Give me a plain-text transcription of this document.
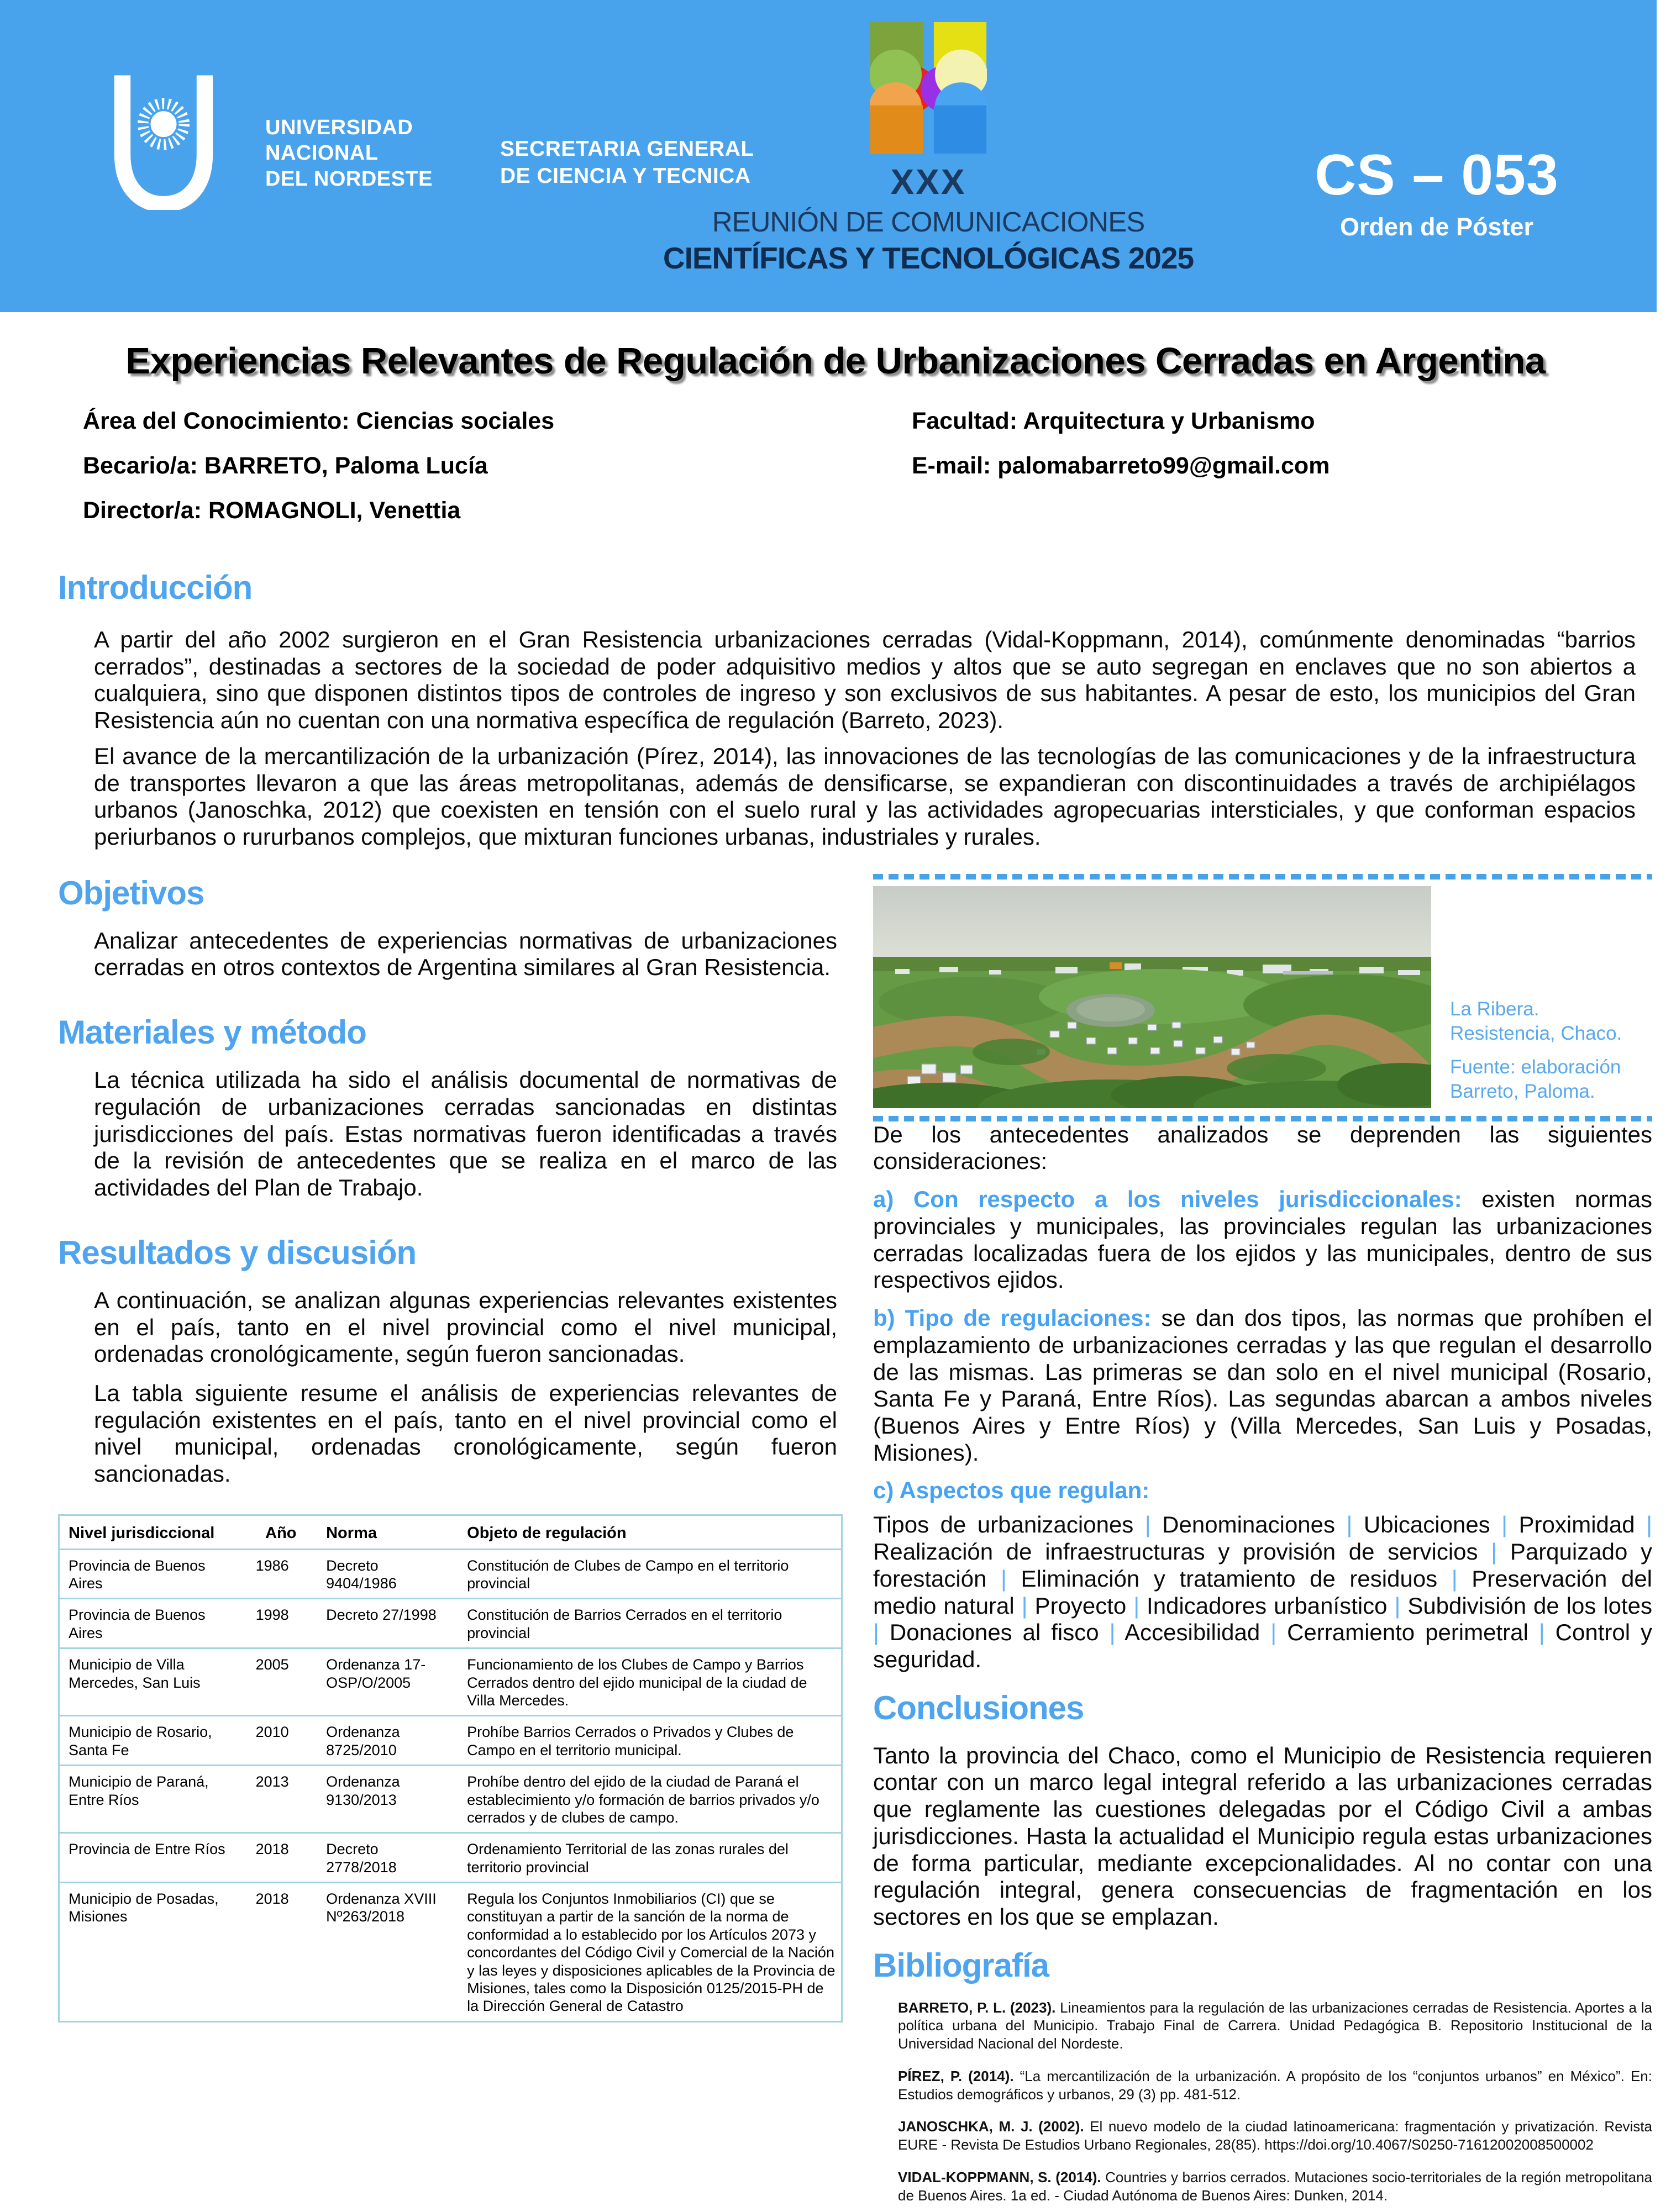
UNIVERSIDAD
NACIONAL
DEL NORDESTE
SECRETARIA GENERAL
DE CIENCIA Y TECNICA	XXX
REUNIÓN DE COMUNICACIONES
CIENTÍFICAS Y TECNOLÓGICAS 2025
CS – 053
Orden de Póster
Experiencias Relevantes de Regulación de Urbanizaciones Cerradas en Argentina
Área del Conocimiento: Ciencias sociales
Becario/a: BARRETO, Paloma Lucía
Director/a: ROMAGNOLI, Venettia
Facultad: Arquitectura y Urbanismo
E-mail: palomabarreto99@gmail.com
Introducción

A partir del año 2002 surgieron en el Gran Resistencia urbanizaciones cerradas (Vidal-Koppmann, 2014), comúnmente denominadas “barrios cerrados”, destinadas a sectores de la sociedad de poder adquisitivo medios y altos que se auto segregan en enclaves que no son abiertos a cualquiera, sino que disponen distintos tipos de controles de ingreso y son exclusivos de sus habitantes. A pesar de esto, los municipios del Gran Resistencia aún no cuentan con una normativa específica de regulación (Barreto, 2023).

El avance de la mercantilización de la urbanización (Pírez, 2014), las innovaciones de las tecnologías de las comunicaciones y de la infraestructura de transportes llevaron a que las áreas metropolitanas, además de densificarse, se expandieran con discontinuidades a través de archipiélagos urbanos (Janoschka, 2012) que coexisten en tensión con el suelo rural y las actividades agropecuarias intersticiales, y que conforman espacios periurbanos o rururbanos complejos, que mixturan funciones urbanas, industriales y rurales.

Objetivos
Analizar antecedentes de experiencias normativas de urbanizaciones cerradas en otros contextos de Argentina similares al Gran Resistencia.
Materiales y método
La técnica utilizada ha sido el análisis documental de normativas de regulación de urbanizaciones cerradas sancionadas en distintas jurisdicciones del país. Estas normativas fueron identificadas a través de la revisión de antecedentes que se realiza en el marco de las actividades del Plan de Trabajo.
Resultados y discusión

A continuación, se analizan algunas experiencias relevantes existentes en el país, tanto en el nivel provincial como el nivel municipal, ordenadas cronológicamente, según fueron sancionadas.

La tabla siguiente resume el análisis de experiencias relevantes de regulación existentes en el país, tanto en el nivel provincial como el nivel municipal, ordenadas cronológicamente, según fueron sancionadas.

Nivel jurisdiccional	Año	Norma	Objeto de regulación
Provincia de Buenos Aires	1986	Decreto 9404/1986	Constitución de Clubes de Campo en el territorio provincial
Provincia de Buenos Aires	1998	Decreto 27/1998	Constitución de Barrios Cerrados en el territorio provincial
Municipio de Villa Mercedes, San Luis	2005	Ordenanza 17-OSP/O/2005	Funcionamiento de los Clubes de Campo y Barrios Cerrados dentro del ejido municipal de la ciudad de Villa Mercedes.
Municipio de Rosario, Santa Fe	2010	Ordenanza 8725/2010	Prohíbe Barrios Cerrados o Privados y Clubes de Campo en el territorio municipal.
Municipio de Paraná, Entre Ríos	2013	Ordenanza 9130/2013	Prohíbe dentro del ejido de la ciudad de Paraná el establecimiento y/o formación de barrios privados y/o cerrados y de clubes de campo.
Provincia de Entre Ríos	2018	Decreto 2778/2018	Ordenamiento Territorial de las zonas rurales del territorio provincial
Municipio de Posadas, Misiones	2018	Ordenanza XVIII Nº263/2018	Regula los Conjuntos Inmobiliarios (CI) que se constituyan a partir de la sanción de la norma de conformidad a lo establecido por los Artículos 2073 y concordantes del Código Civil y Comercial de la Nación y las leyes y disposiciones aplicables de la Provincia de Misiones, tales como la Disposición 0125/2015-PH de la Dirección General de Catastro
La Ribera.
Resistencia, Chaco.
Fuente: elaboración
Barreto, Paloma.

De los antecedentes analizados se deprenden las siguientes consideraciones:

a) Con respecto a los niveles jurisdiccionales: existen normas provinciales y municipales, las provinciales regulan las urbanizaciones cerradas localizadas fuera de los ejidos y las municipales, dentro de sus respectivos ejidos.

b) Tipo de regulaciones: se dan dos tipos, las normas que prohíben el emplazamiento de urbanizaciones cerradas y las que regulan el desarrollo de las mismas. Las primeras se dan solo en el nivel municipal (Rosario, Santa Fe y Paraná, Entre Ríos). Las segundas abarcan a ambos niveles (Buenos Aires y Entre Ríos) y (Villa Mercedes, San Luis y Posadas, Misiones).

c) Aspectos que regulan:

Tipos de urbanizaciones | Denominaciones | Ubicaciones | Proximidad | Realización de infraestructuras y provisión de servicios | Parquizado y forestación | Eliminación y tratamiento de residuos | Preservación del medio natural | Proyecto | Indicadores urbanístico | Subdivisión de los lotes | Donaciones al fisco | Accesibilidad | Cerramiento perimetral | Control y seguridad.

Conclusiones
Tanto la provincia del Chaco, como el Municipio de Resistencia requieren contar con un marco legal integral referido a las urbanizaciones cerradas que reglamente las cuestiones delegadas por el Código Civil a ambas jurisdicciones. Hasta la actualidad el Municipio regula estas urbanizaciones de forma particular, mediante excepcionalidades. Al no contar con una regulación integral, genera consecuencias de fragmentación en los sectores en los que se emplazan.
Bibliografía

BARRETO, P. L. (2023). Lineamientos para la regulación de las urbanizaciones cerradas de Resistencia. Aportes a la política urbana del Municipio. Trabajo Final de Carrera. Unidad Pedagógica B. Repositorio Institucional de la Universidad Nacional del Nordeste.

PÍREZ, P. (2014). “La mercantilización de la urbanización. A propósito de los “conjuntos urbanos” en México”. En: Estudios demográficos y urbanos, 29 (3) pp. 481-512.

JANOSCHKA, M. J. (2002). El nuevo modelo de la ciudad latinoamericana: fragmentación y privatización. Revista EURE - Revista De Estudios Urbano Regionales, 28(85). https://doi.org/10.4067/S0250-71612002008500002

VIDAL-KOPPMANN, S. (2014). Countries y barrios cerrados. Mutaciones socio-territoriales de la región metropolitana de Buenos Aires. 1a ed. - Ciudad Autónoma de Buenos Aires: Dunken, 2014.
